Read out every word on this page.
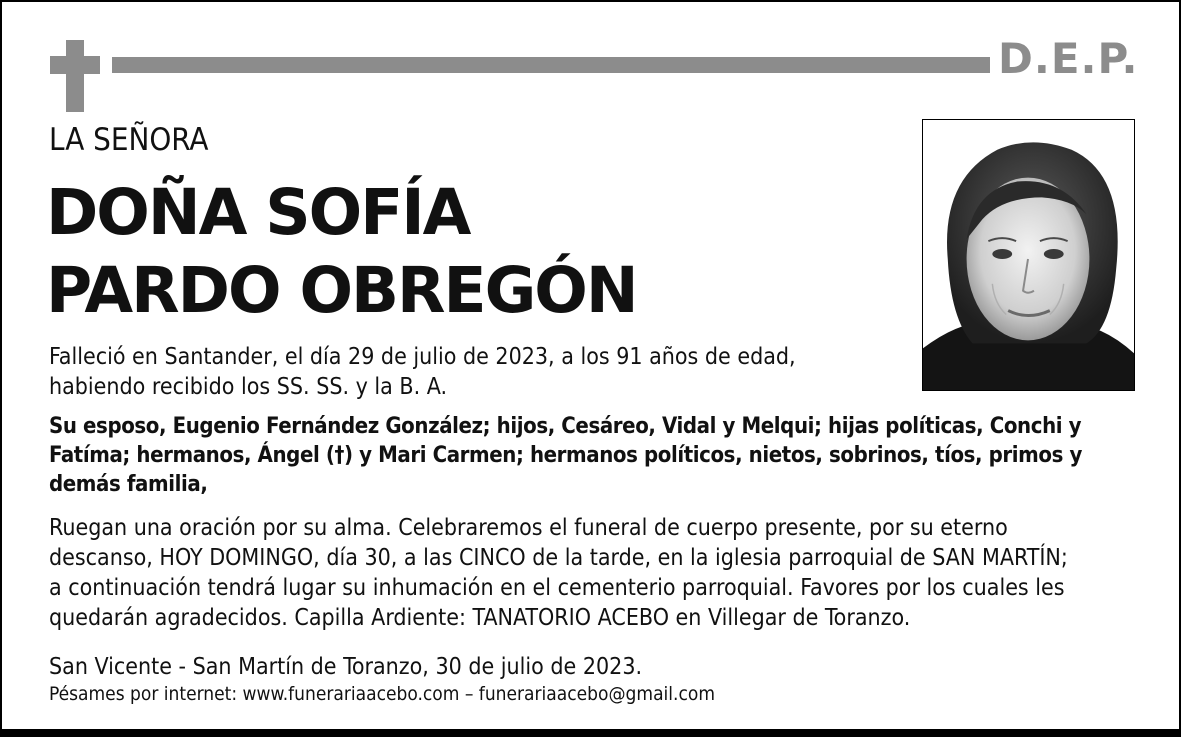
D.E.P.
LA SEÑORA
DOÑA SOFÍA
PARDO OBREGÓN

Falleció en Santander, el día 29 de julio de 2023, a los 91 años de edad,
habiendo recibido los SS. SS. y la B. A.

Su esposo, Eugenio Fernández González; hijos, Cesáreo, Vidal y Melqui; hijas políticas, Conchi y
Fatíma; hermanos, Ángel (†) y Mari Carmen; hermanos políticos, nietos, sobrinos, tíos, primos y
demás familia,

Ruegan una oración por su alma. Celebraremos el funeral de cuerpo presente, por su eterno
descanso, HOY DOMINGO, día 30, a las CINCO de la tarde, en la iglesia parroquial de SAN MARTÍN;
a continuación tendrá lugar su inhumación en el cementerio parroquial. Favores por los cuales les
quedarán agradecidos. Capilla Ardiente: TANATORIO ACEBO en Villegar de Toranzo.

San Vicente - San Martín de Toranzo, 30 de julio de 2023.

Pésames por internet: www.funerariaacebo.com – funerariaacebo@gmail.com
